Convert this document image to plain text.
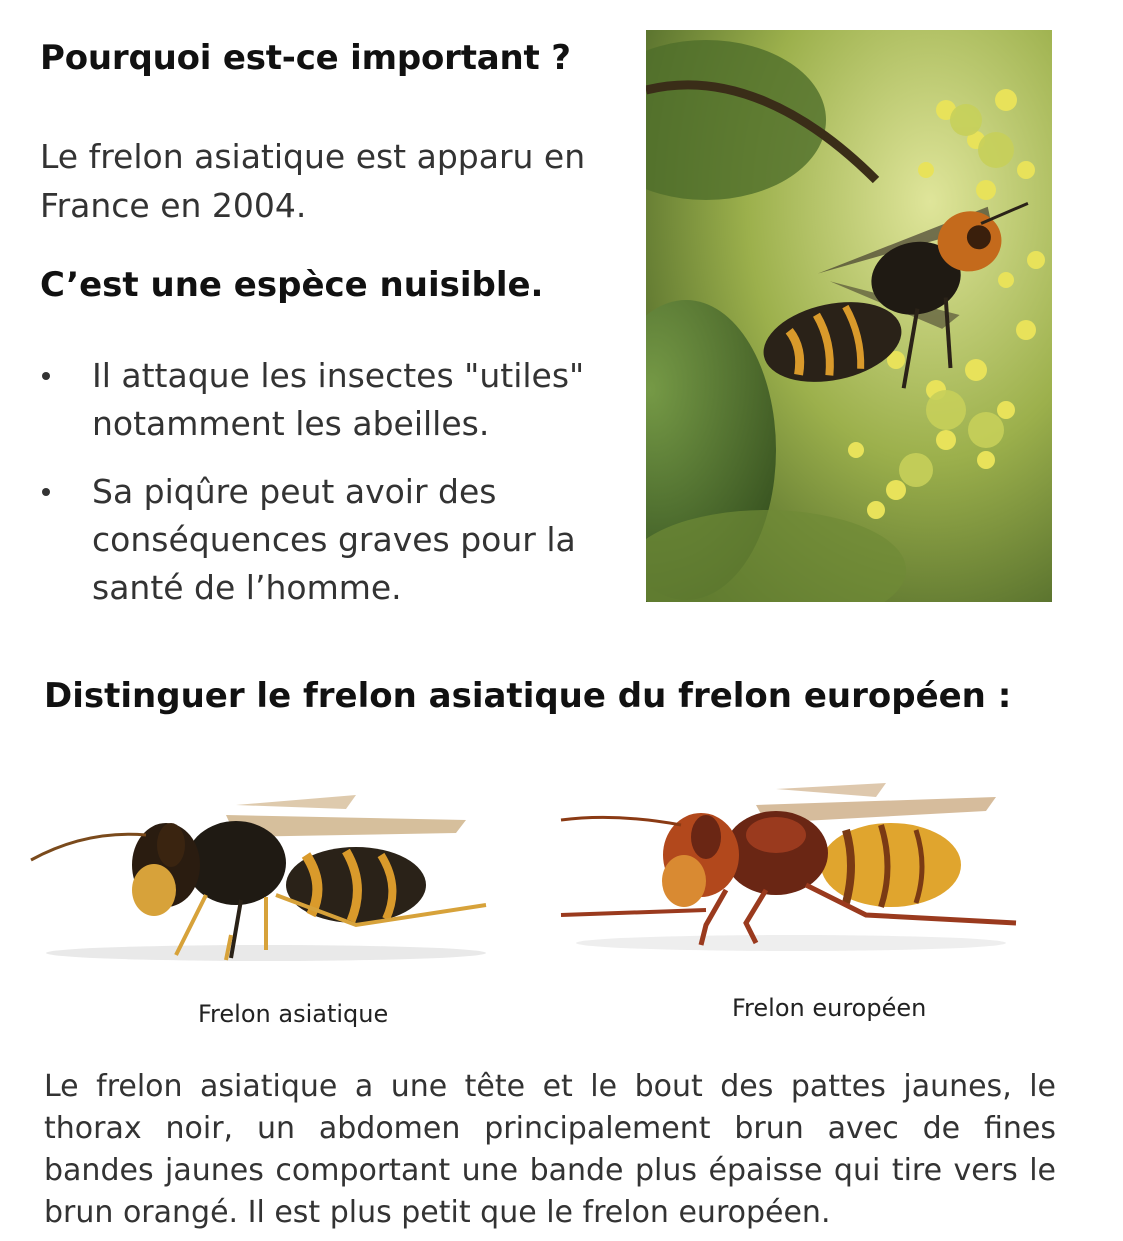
Pourquoi est-ce important ?

Le frelon asiatique est apparu en France en 2004.

C’est une espèce nuisible.
Il attaque les insectes "utiles" notamment les abeilles.
Sa piqûre peut avoir des conséquences graves pour la santé de l’homme.
Distinguer le frelon asiatique du frelon européen :
Frelon asiatique	Frelon européen

Le frelon asiatique a une tête et le bout des pattes jaunes, le thorax noir, un abdomen principalement brun avec de fines bandes jaunes comportant une bande plus épaisse qui tire vers le brun orangé. Il est plus petit que le frelon européen.
